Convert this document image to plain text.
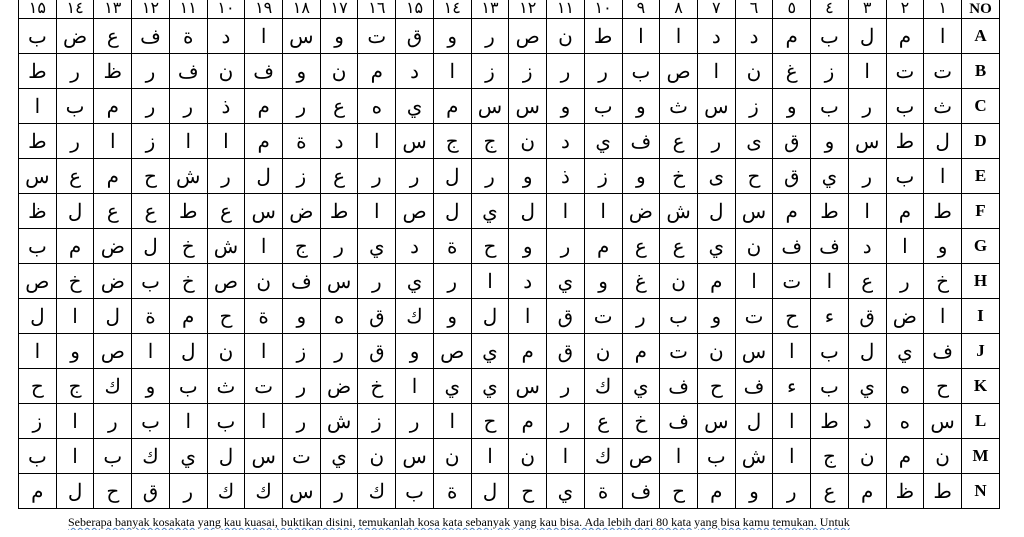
۱۵	۱٤	۱۳	۱۲	۱۱	۱۰	۱۹	۱۸	۱۷	۱٦	۱۵	۱٤	۱۳	۱۲	۱۱	۱۰	۹	۸	۷	٦	٥	٤	۳	۲	۱	NO
ب	ض	ع	ف	ة	د	ا	س	و	ت	ق	و	ر	ص	ن	ط	ا	ا	د	د	م	ب	ل	م	ا	A
ط	ر	ظ	ر	ف	ن	ف	و	ن	م	د	ا	ز	ز	ر	ر	ب	ص	ا	ن	غ	ز	ا	ت	ت	B
ا	ب	م	ر	ر	ذ	م	ر	ع	ه	ي	م	س	س	و	ب	و	ث	س	ز	و	ب	ر	ب	ث	C
ط	ر	ا	ز	ا	ا	م	ة	د	ا	س	ج	ج	ن	د	ي	ف	ع	ر	ى	ق	و	س	ط	ل	D
س	ع	م	ح	ش	ر	ل	ز	ع	ر	ر	ل	ر	و	ذ	ز	و	خ	ى	ح	ق	ي	ر	ب	ا	E
ظ	ل	ع	ع	ط	ع	س	ض	ط	ا	ص	ل	ي	ل	ا	ا	ض	ش	ل	س	م	ط	ا	م	ط	F
ب	م	ض	ل	خ	ش	ا	ج	ر	ي	د	ة	ح	و	ر	م	ع	ع	ي	ن	ف	ف	د	ا	و	G
ص	خ	ض	ب	خ	ص	ن	ف	س	ر	ي	ر	ا	د	ي	و	غ	ن	م	ا	ت	ا	ع	ر	خ	H
ل	ا	ل	ة	م	ح	ة	و	ه	ق	ك	و	ل	ا	ق	ت	ر	ب	و	ت	ح	ء	ق	ض	ا	I
ا	و	ص	ا	ل	ن	ا	ز	ر	ق	و	ص	ي	م	ق	ن	م	ت	ن	س	ا	ب	ل	ي	ف	J
ح	ج	ك	و	ب	ث	ت	ر	ض	خ	ا	ي	ي	س	ر	ك	ي	ف	ح	ف	ء	ب	ي	ه	ح	K
ز	ا	ر	ب	ا	ب	ا	ر	ش	ز	ر	ا	ح	م	ر	ع	خ	ف	س	ل	ا	ط	د	ه	س	L
ب	ا	ب	ك	ي	ل	س	ت	ي	ن	س	ن	ا	ن	ا	ك	ص	ا	ب	ش	ا	ج	ن	م	ن	M
م	ل	ح	ق	ر	ك	ك	س	ر	ك	ب	ة	ل	ح	ي	ة	ف	ح	م	و	ر	ع	م	ظ	ط	N
Seberapa banyak kosakata yang kau kuasai, buktikan disini, temukanlah kosa kata sebanyak yang kau bisa. Ada lebih dari 80 kata yang bisa kamu temukan. Untuk
